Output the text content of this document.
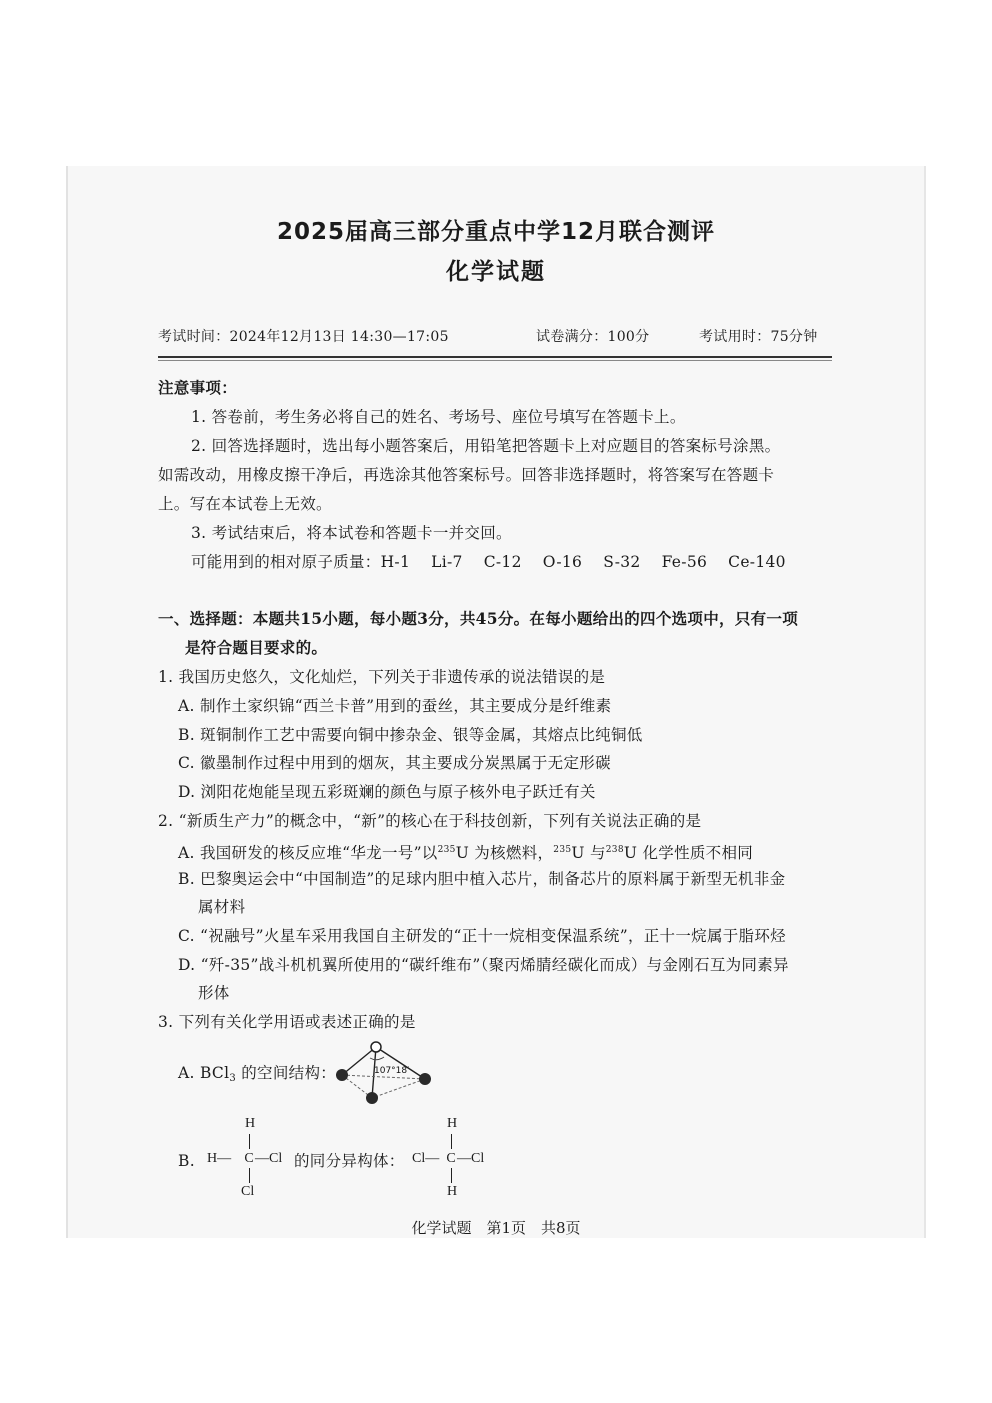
2025届高三部分重点中学12月联合测评
化学试题
考试时间：2024年12月13日 14:30—17:05	试卷满分：100分	考试用时：75分钟
注意事项：
1. 答卷前，考生务必将自己的姓名、考场号、座位号填写在答题卡上。
2. 回答选择题时，选出每小题答案后，用铅笔把答题卡上对应题目的答案标号涂黑。
如需改动，用橡皮擦干净后，再选涂其他答案标号。回答非选择题时，将答案写在答题卡
上。写在本试卷上无效。
3. 考试结束后，将本试卷和答题卡一并交回。
可能用到的相对原子质量：H-1　 Li-7　 C-12　 O-16　 S-32　 Fe-56　 Ce-140
一、选择题：本题共15小题，每小题3分，共45分。在每小题给出的四个选项中，只有一项
是符合题目要求的。
1. 我国历史悠久，文化灿烂，下列关于非遗传承的说法错误的是
A. 制作土家织锦“西兰卡普”用到的蚕丝，其主要成分是纤维素
B. 斑铜制作工艺中需要向铜中掺杂金、银等金属，其熔点比纯铜低
C. 徽墨制作过程中用到的烟灰，其主要成分炭黑属于无定形碳
D. 浏阳花炮能呈现五彩斑斓的颜色与原子核外电子跃迁有关
2. “新质生产力”的概念中，“新”的核心在于科技创新，下列有关说法正确的是
A. 我国研发的核反应堆“华龙一号”以$^{235}$U 为核燃料，$^{235}$U 与$^{238}$U 化学性质不相同
B. 巴黎奥运会中“中国制造”的足球内胆中植入芯片，制备芯片的原料属于新型无机非金
属材料
C. “祝融号”火星车采用我国自主研发的“正十一烷相变保温系统”，正十一烷属于脂环烃
D. “歼-35”战斗机机翼所使用的“碳纤维布”（聚丙烯腈经碳化而成）与金刚石互为同素异
形体
3. 下列有关化学用语或表述正确的是
A. BCl$_3$ 的空间结构：	107°18′
B.
H
H— C —Cl
Cl
的同分异构体：
H
Cl— C —Cl
H
化学试题　第1页　共8页
